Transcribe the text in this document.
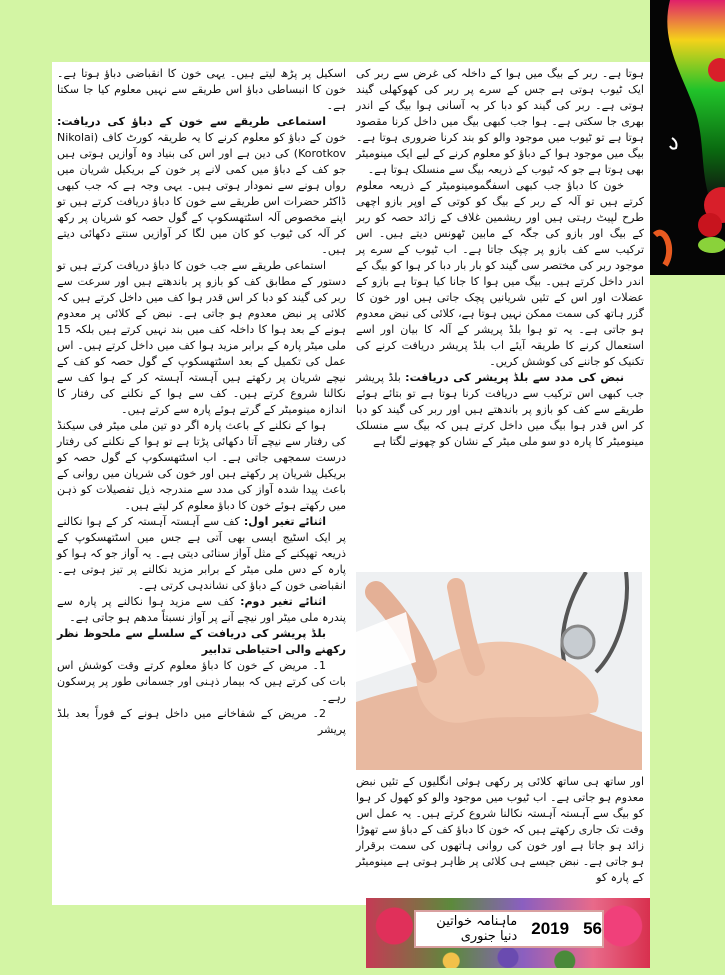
اسکیل پر پڑھ لیتے ہیں۔ یہی خون کا انقباضی دباؤ ہوتا ہے۔ خون کا انبساطی دباؤ اس طریقے سے نہیں معلوم کیا جا سکتا ہے۔

استماعی طریقے سے خون کے دباؤ کی دریافت: خون کے دباؤ کو معلوم کرنے کا یہ طریقہ کورٹ کاف (Nikolai Korotkov) کی دین ہے اور اس کی بنیاد وہ آوازیں ہوتی ہیں جو کف کے دباؤ میں کمی لانے پر خون کے بریکیل شریان میں رواں ہونے سے نمودار ہوتی ہیں۔ یہی وجہ ہے کہ جب کبھی ڈاکٹر حضرات اس طریقے سے خون کا دباؤ دریافت کرتے ہیں تو اپنے مخصوص آلہ اسٹتھسکوپ کے گول حصہ کو شریان پر رکھ کر آلہ کی ٹیوب کو کان میں لگا کر آوازیں سنتے دکھائی دیتے ہیں۔

استماعی طریقے سے جب خون کا دباؤ دریافت کرتے ہیں تو دستور کے مطابق کف کو بازو پر باندھتے ہیں اور سرعت سے ربر کی گیند کو دبا کر اس قدر ہوا کف میں داخل کرتے ہیں کہ کلائی پر نبض معدوم ہو جاتی ہے۔ نبض کے کلائی پر معدوم ہونے کے بعد ہوا کا داخلہ کف میں بند نہیں کرتے ہیں بلکہ 15 ملی میٹر پارہ کے برابر مزید ہوا کف میں داخل کرتے ہیں۔ اس عمل کی تکمیل کے بعد اسٹتھسکوپ کے گول حصہ کو کف کے نیچے شریان پر رکھتے ہیں آہستہ آہستہ کر کے ہوا کف سے نکالنا شروع کرتے ہیں۔ کف سے ہوا کے نکلنے کی رفتار کا اندازہ مینومیٹر کے گرتے ہوئے پارہ سے کرتے ہیں۔

ہوا کے نکلنے کے باعث پارہ اگر دو تین ملی میٹر فی سیکنڈ کی رفتار سے نیچے آتا دکھائی پڑتا ہے تو ہوا کے نکلنے کی رفتار درست سمجھی جاتی ہے۔ اب اسٹتھسکوپ کے گول حصہ کو بریکیل شریان پر رکھتے ہیں اور خون کی شریان میں روانی کے باعث پیدا شدہ آواز کی مدد سے مندرجہ ذیل تفصیلات کو ذہن میں رکھتے ہوئے خون کا دباؤ معلوم کر لیتے ہیں۔

اثنائے تغیر اول: کف سے آہستہ آہستہ کر کے ہوا نکالنے پر ایک اسٹیج ایسی بھی آتی ہے جس میں اسٹتھسکوپ کے ذریعہ تھپکنے کے مثل آواز سنائی دیتی ہے۔ یہ آواز جو کہ ہوا کو پارہ کے دس ملی میٹر کے برابر مزید نکالنے پر تیز ہوتی ہے۔ انقباضی خون کے دباؤ کی نشاندہی کرتی ہے۔

اثنائے تغیر دوم: کف سے مزید ہوا نکالنے پر پارہ سے پندرہ ملی میٹر اور نیچے آنے پر آواز نسبتاً مدھم ہو جاتی ہے۔

بلڈ پریشر کی دریافت کے سلسلے سے ملحوظ نظر رکھنے والی احتیاطی تدابیر

1۔ مریض کے خون کا دباؤ معلوم کرتے وقت کوشش اس بات کی کرتے ہیں کہ بیمار ذہنی اور جسمانی طور پر پرسکون رہے۔

2۔ مریض کے شفاخانے میں داخل ہونے کے فوراً بعد بلڈ پریشر

ہوتا ہے۔ ربر کے بیگ میں ہوا کے داخلہ کی غرض سے ربر کی ایک ٹیوب ہوتی ہے جس کے سرے پر ربر کی کھوکھلی گیند ہوتی ہے۔ ربر کی گیند کو دبا کر بہ آسانی ہوا بیگ کے اندر بھری جا سکتی ہے۔ ہوا جب کبھی بیگ میں داخل کرنا مقصود ہوتا ہے تو ٹیوب میں موجود والو کو بند کرنا ضروری ہوتا ہے۔ بیگ میں موجود ہوا کے دباؤ کو معلوم کرنے کے لیے ایک مینومیٹر بھی ہوتا ہے جو کہ ٹیوب کے ذریعہ بیگ سے منسلک ہوتا ہے۔

خون کا دباؤ جب کبھی اسفگمومینومیٹر کے ذریعہ معلوم کرتے ہیں تو آلہ کے ربر کے بیگ کو کوتی کے اوپر بازو اچھی طرح لپیٹ رہتی ہیں اور ریشمین غلاف کے زائد حصہ کو ربر کے بیگ اور بازو کی جگہ کے مابین ٹھونس دیتے ہیں۔ اس ترکیب سے کف بازو پر چپک جاتا ہے۔ اب ٹیوب کے سرے پر موجود ربر کی مختصر سی گیند کو بار بار دبا کر ہوا کو بیگ کے اندر داخل کرتے ہیں۔ بیگ میں ہوا کا جانا کیا ہوتا ہے بازو کے عضلات اور اس کے تئیں شریانیں پچک جاتی ہیں اور خون کا گزر ہاتھ کی سمت ممکن نہیں ہوتا ہے، کلائی کی نبض معدوم ہو جاتی ہے۔ یہ تو ہوا بلڈ پریشر کے آلہ کا بیان اور اسے استعمال کرنے کا طریقہ آیئے اب بلڈ پریشر دریافت کرنے کی تکنیک کو جاننے کی کوشش کریں۔

نبض کی مدد سے بلڈ پریشر کی دریافت: بلڈ پریشر جب کبھی اس ترکیب سے دریافت کرنا ہوتا ہے تو بتائے ہوئے طریقے سے کف کو بازو پر باندھتے ہیں اور ربر کی گیند کو دبا کر اس قدر ہوا بیگ میں داخل کرتے ہیں کہ بیگ سے منسلک مینومیٹر کا پارہ دو سو ملی میٹر کے نشان کو چھونے لگتا ہے

اور ساتھ ہی ساتھ کلائی پر رکھی ہوئی انگلیوں کے تئیں نبض معدوم ہو جاتی ہے۔ اب ٹیوب میں موجود والو کو کھول کر ہوا کو بیگ سے آہستہ آہستہ نکالنا شروع کرتے ہیں۔ یہ عمل اس وقت تک جاری رکھتے ہیں کہ خون کا دباؤ کف کے دباؤ سے تھوڑا زائد ہو جاتا ہے اور خون کی روانی ہاتھوں کی سمت برقرار ہو جاتی ہے۔ نبض جیسے ہی کلائی پر ظاہر ہوتی ہے مینومیٹر کے پارہ کو

ماہنامہ خواتین دنیا جنوری 2019 56
